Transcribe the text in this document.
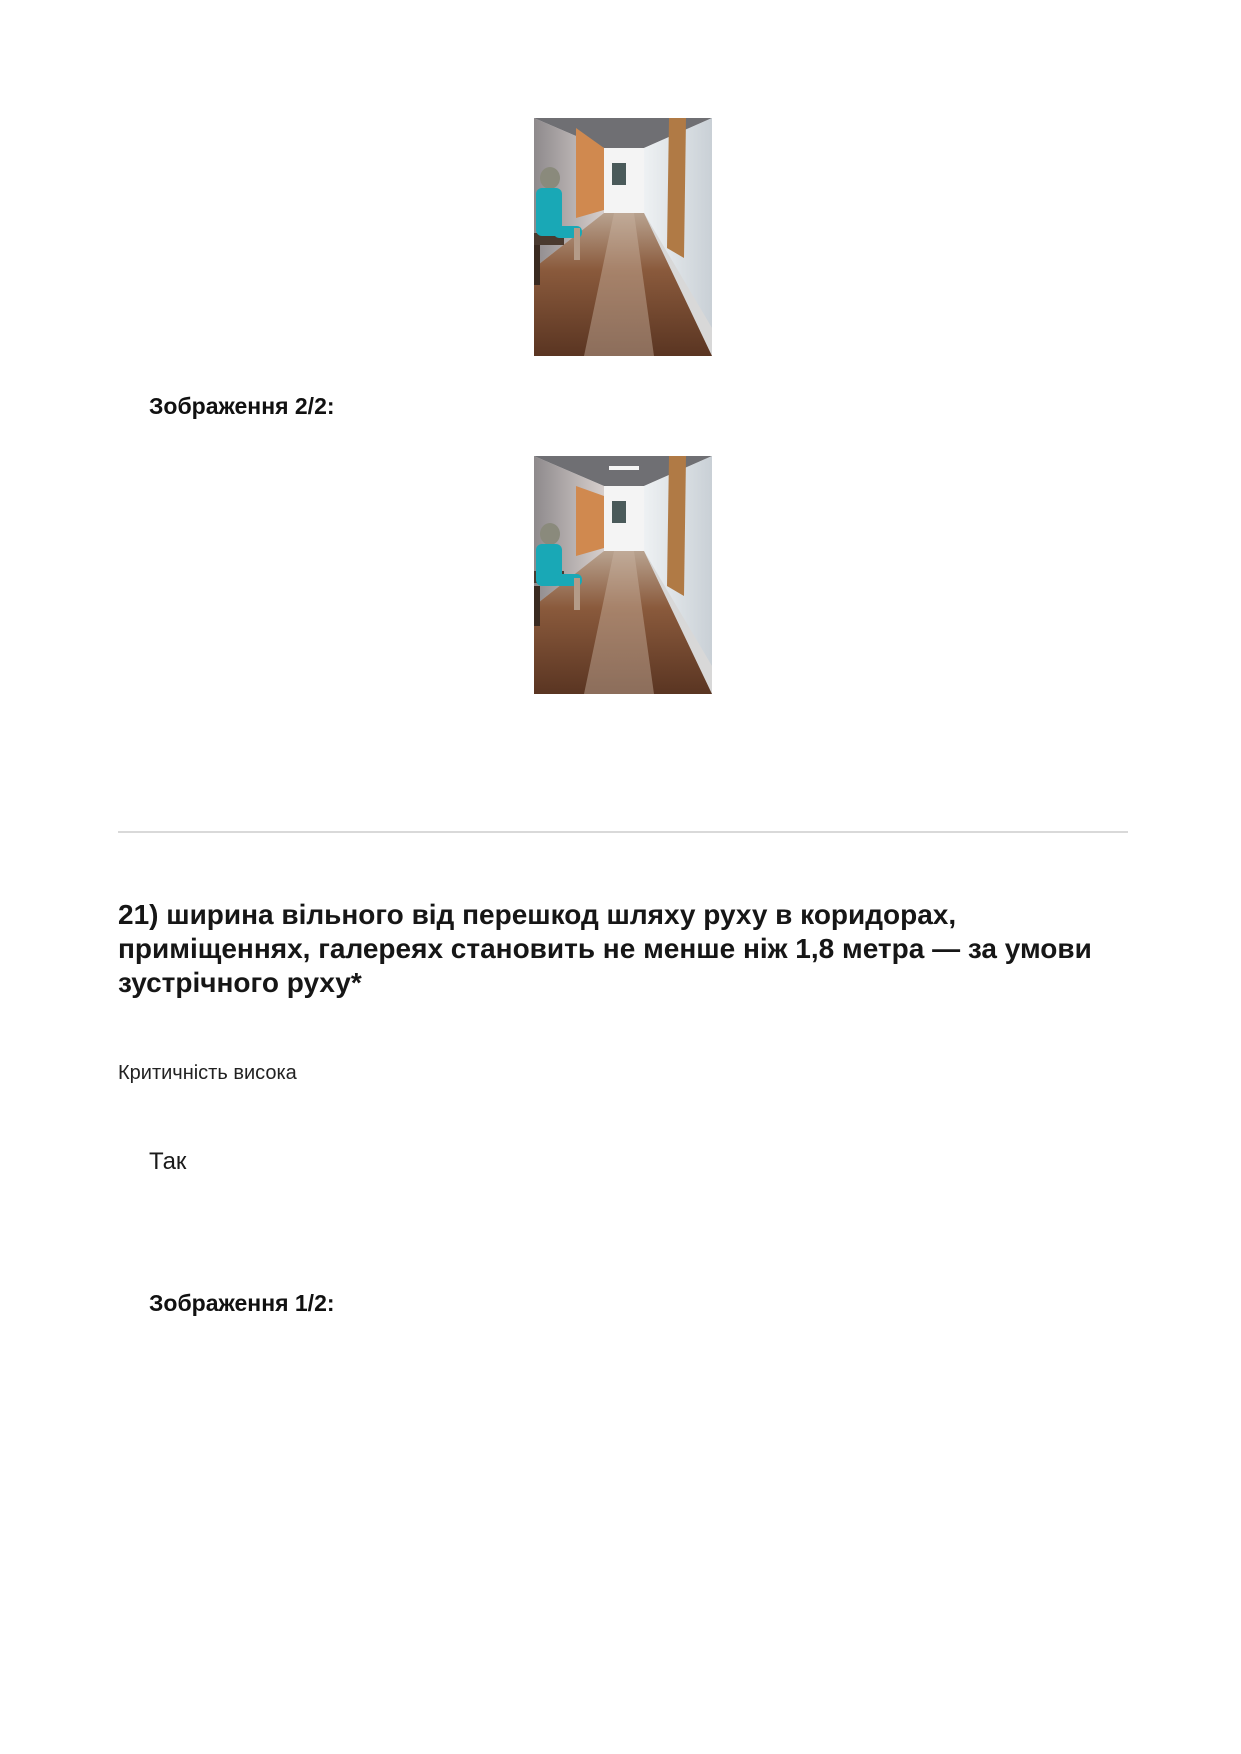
Зображення 2/2:
21) ширина вільного від перешкод шляху руху в коридорах, приміщеннях, галереях становить не менше ніж 1,8 метра — за умови зустрічного руху*
Критичність висока
Так
Зображення 1/2:
